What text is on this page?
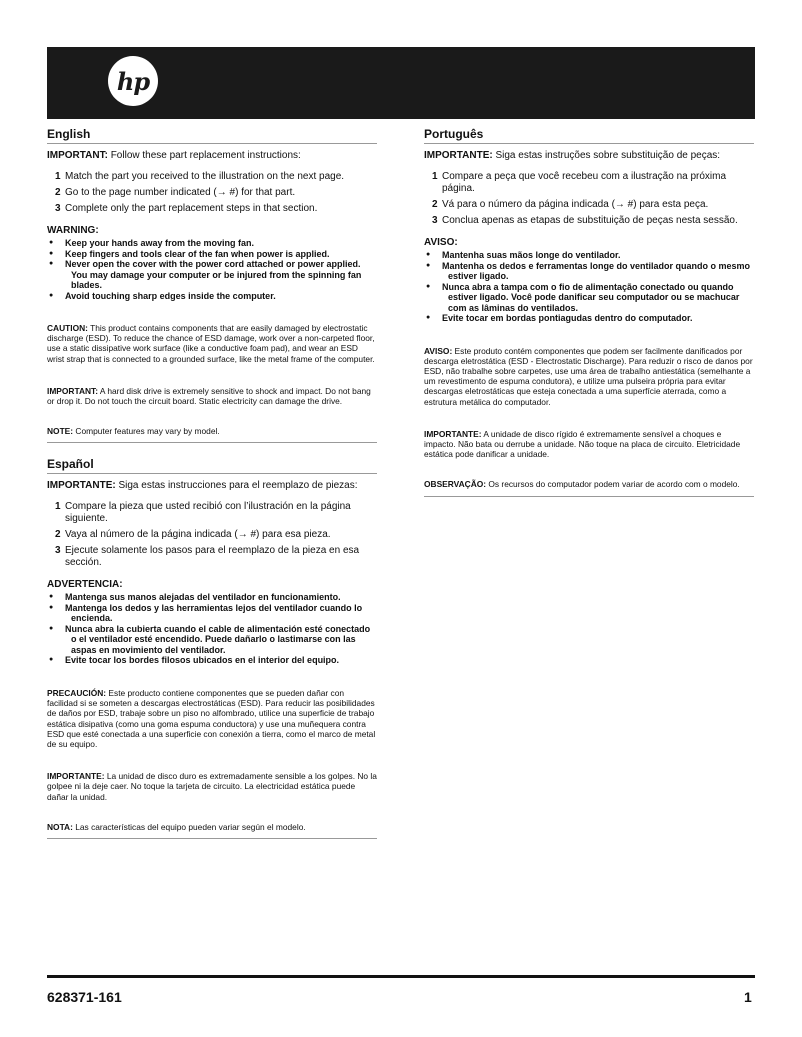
hp
English
IMPORTANT: Follow these part replacement instructions:
1 Match the part you received to the illustration on the next page.
2 Go to the page number indicated (→ #) for that part.
3 Complete only the part replacement steps in that section.
WARNING:
● Keep your hands away from the moving fan.
● Keep fingers and tools clear of the fan when power is applied.
● Never open the cover with the power cord attached or power applied. You may damage your computer or be injured from the spinning fan blades.
● Avoid touching sharp edges inside the computer.
CAUTION: This product contains components that are easily damaged by electrostatic discharge (ESD). To reduce the chance of ESD damage, work over a non-carpeted floor, use a static dissipative work surface (like a conductive foam pad), and wear an ESD wrist strap that is connected to a grounded surface, like the metal frame of the computer.
IMPORTANT: A hard disk drive is extremely sensitive to shock and impact. Do not bang or drop it. Do not touch the circuit board. Static electricity can damage the drive.
NOTE: Computer features may vary by model.
Español
IMPORTANTE: Siga estas instrucciones para el reemplazo de piezas:
1 Compare la pieza que usted recibió con l’ilustración en la página siguiente.
2 Vaya al número de la página indicada (→ #) para esa pieza.
3 Ejecute solamente los pasos para el reemplazo de la pieza en esa sección.
ADVERTENCIA:
● Mantenga sus manos alejadas del ventilador en funcionamiento.
● Mantenga los dedos y las herramientas lejos del ventilador cuando lo encienda.
● Nunca abra la cubierta cuando el cable de alimentación esté conectado o el ventilador esté encendido. Puede dañarlo o lastimarse con las aspas en movimiento del ventilador.
● Evite tocar los bordes filosos ubicados en el interior del equipo.
PRECAUCIÓN: Este producto contiene componentes que se pueden dañar con facilidad si se someten a descargas electrostáticas (ESD). Para reducir las posibilidades de daños por ESD, trabaje sobre un piso no alfombrado, utilice una superficie de trabajo estática disipativa (como una goma espuma conductora) y use una muñequera contra ESD que esté conectada a una superficie con conexión a tierra, como el marco de metal de su equipo.
IMPORTANTE: La unidad de disco duro es extremadamente sensible a los golpes. No la golpee ni la deje caer. No toque la tarjeta de circuito. La electricidad estática puede dañar la unidad.
NOTA: Las características del equipo pueden variar según el modelo.
Português
IMPORTANTE: Siga estas instruções sobre substituição de peças:
1 Compare a peça que você recebeu com a ilustração na próxima página.
2 Vá para o número da página indicada (→ #) para esta peça.
3 Conclua apenas as etapas de substituição de peças nesta sessão.
AVISO:
● Mantenha suas mãos longe do ventilador.
● Mantenha os dedos e ferramentas longe do ventilador quando o mesmo estiver ligado.
● Nunca abra a tampa com o fio de alimentação conectado ou quando estiver ligado. Você pode danificar seu computador ou se machucar com as lâminas do ventilados.
● Evite tocar em bordas pontiagudas dentro do computador.
AVISO: Este produto contém componentes que podem ser facilmente danificados por descarga eletrostática (ESD - Electrostatic Discharge). Para reduzir o risco de danos por ESD, não trabalhe sobre carpetes, use uma área de trabalho antiestática (semelhante a um revestimento de espuma condutora), e utilize uma pulseira própria para evitar descargas eletrostáticas que esteja conectada a uma superfície aterrada, como a estrutura metálica do computador.
IMPORTANTE: A unidade de disco rígido é extremamente sensível a choques e impacto. Não bata ou derrube a unidade. Não toque na placa de circuito. Eletricidade estática pode danificar a unidade.
OBSERVAÇÃO: Os recursos do computador podem variar de acordo com o modelo.
628371-161	1
